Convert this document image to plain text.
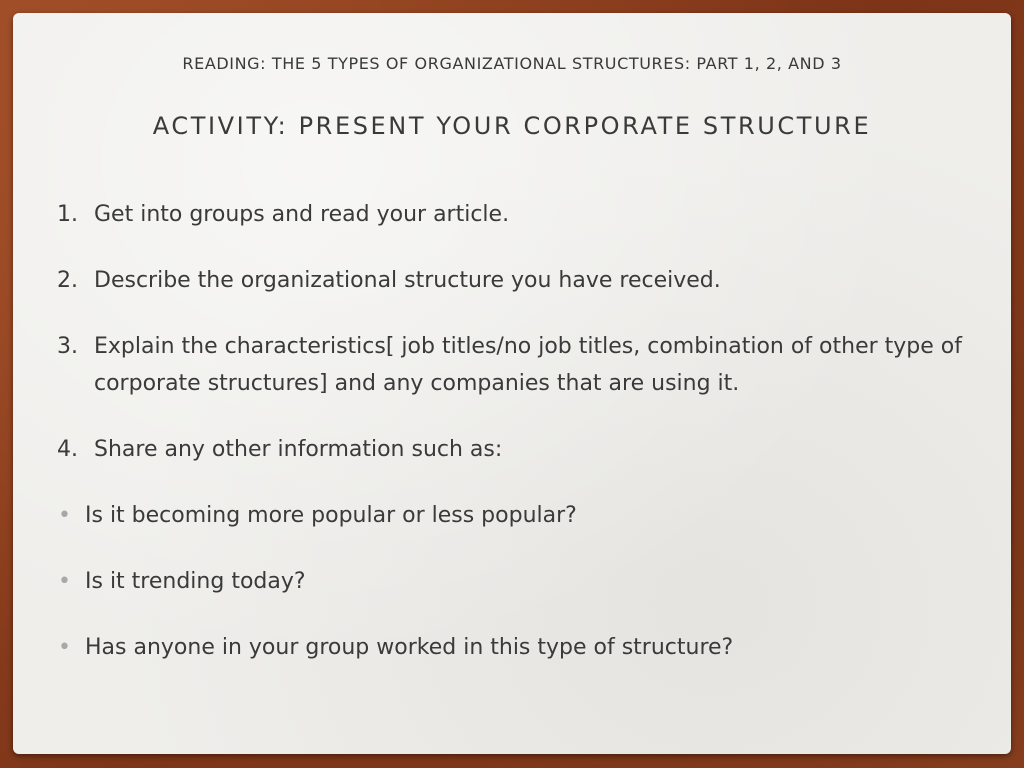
READING: THE 5 TYPES OF ORGANIZATIONAL STRUCTURES: PART 1, 2, AND 3
ACTIVITY: PRESENT YOUR CORPORATE STRUCTURE
1. Get into groups and read your article.
2. Describe the organizational structure you have received.
3. Explain the characteristics[ job titles/no job titles, combination of other type of corporate structures] and any companies that are using it.
4. Share any other information such as:
• Is it becoming more popular or less popular?
• Is it trending today?
• Has anyone in your group worked in this type of structure?
